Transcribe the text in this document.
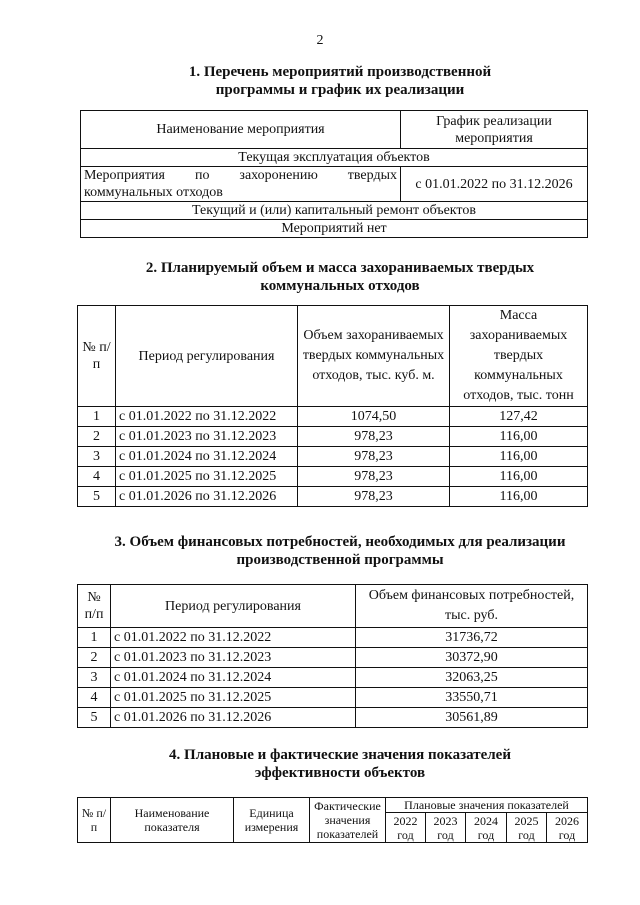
2
1. Перечень мероприятий производственной
программы и график их реализации
Наименование мероприятия	График реализации мероприятия
Текущая эксплуатация объектов	

Мероприятия по захоронению твердых
коммунальных отходов	с 01.01.2022 по 31.12.2026
Текущий и (или) капитальный ремонт объектов	
Мероприятий нет	
2. Планируемый объем и масса захораниваемых твердых
коммунальных отходов
№ п/п	Период регулирования	Объем захораниваемых твердых коммунальных отходов, тыс. куб. м.	Масса захораниваемых твердых коммунальных отходов, тыс. тонн
1	с 01.01.2022 по 31.12.2022	1074,50	127,42
2	с 01.01.2023 по 31.12.2023	978,23	116,00
3	с 01.01.2024 по 31.12.2024	978,23	116,00
4	с 01.01.2025 по 31.12.2025	978,23	116,00
5	с 01.01.2026 по 31.12.2026	978,23	116,00
3. Объем финансовых потребностей, необходимых для реализации
производственной программы
№ п/п	Период регулирования	Объем финансовых потребностей, тыс. руб.
1	с 01.01.2022 по 31.12.2022	31736,72
2	с 01.01.2023 по 31.12.2023	30372,90
3	с 01.01.2024 по 31.12.2024	32063,25
4	с 01.01.2025 по 31.12.2025	33550,71
5	с 01.01.2026 по 31.12.2026	30561,89
4. Плановые и фактические значения показателей
эффективности объектов
№ п/п	Наименование показателя	Единица измерения	Фактические значения показателей	Плановые значения показателей				
				2022 год	2023 год	2024 год	2025 год	2026 год
